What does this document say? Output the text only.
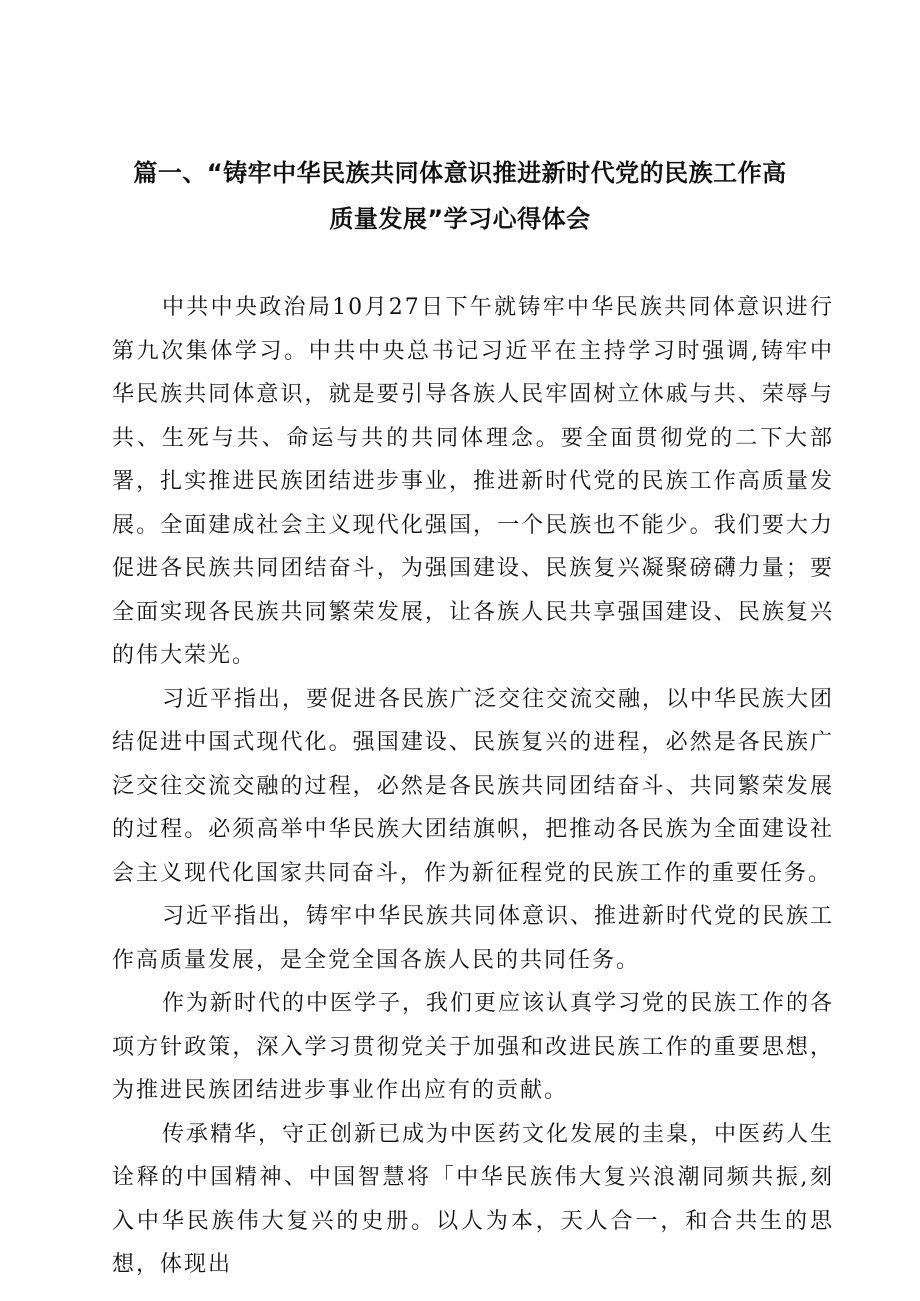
篇一、“铸牢中华民族共同体意识推进新时代党的民族工作高
质量发展”学习心得体会

中共中央政治局10月27日下午就铸牢中华民族共同体意识进行第九次集体学习。中共中央总书记习近平在主持学习时强调,铸牢中华民族共同体意识，就是要引导各族人民牢固树立休戚与共、荣辱与共、生死与共、命运与共的共同体理念。要全面贯彻党的二下大部署，扎实推进民族团结进步事业，推进新时代党的民族工作高质量发展。全面建成社会主义现代化强国，一个民族也不能少。我们要大力促进各民族共同团结奋斗，为强国建设、民族复兴凝聚磅礴力量；要全面实现各民族共同繁荣发展，让各族人民共享强国建设、民族复兴的伟大荣光。

习近平指出，要促进各民族广泛交往交流交融，以中华民族大团结促进中国式现代化。强国建设、民族复兴的进程，必然是各民族广泛交往交流交融的过程，必然是各民族共同团结奋斗、共同繁荣发展的过程。必须高举中华民族大团结旗帜，把推动各民族为全面建设社会主义现代化国家共同奋斗，作为新征程党的民族工作的重要任务。

习近平指出，铸牢中华民族共同体意识、推进新时代党的民族工作高质量发展，是全党全国各族人民的共同任务。

作为新时代的中医学子，我们更应该认真学习党的民族工作的各项方针政策，深入学习贯彻党关于加强和改进民族工作的重要思想，为推进民族团结进步事业作出应有的贡献。

传承精华，守正创新已成为中医药文化发展的圭臬，中医药人生诠释的中国精神、中国智慧将「中华民族伟大复兴浪潮同频共振,刻入中华民族伟大复兴的史册。以人为本，天人合一，和合共生的思想，体现出
